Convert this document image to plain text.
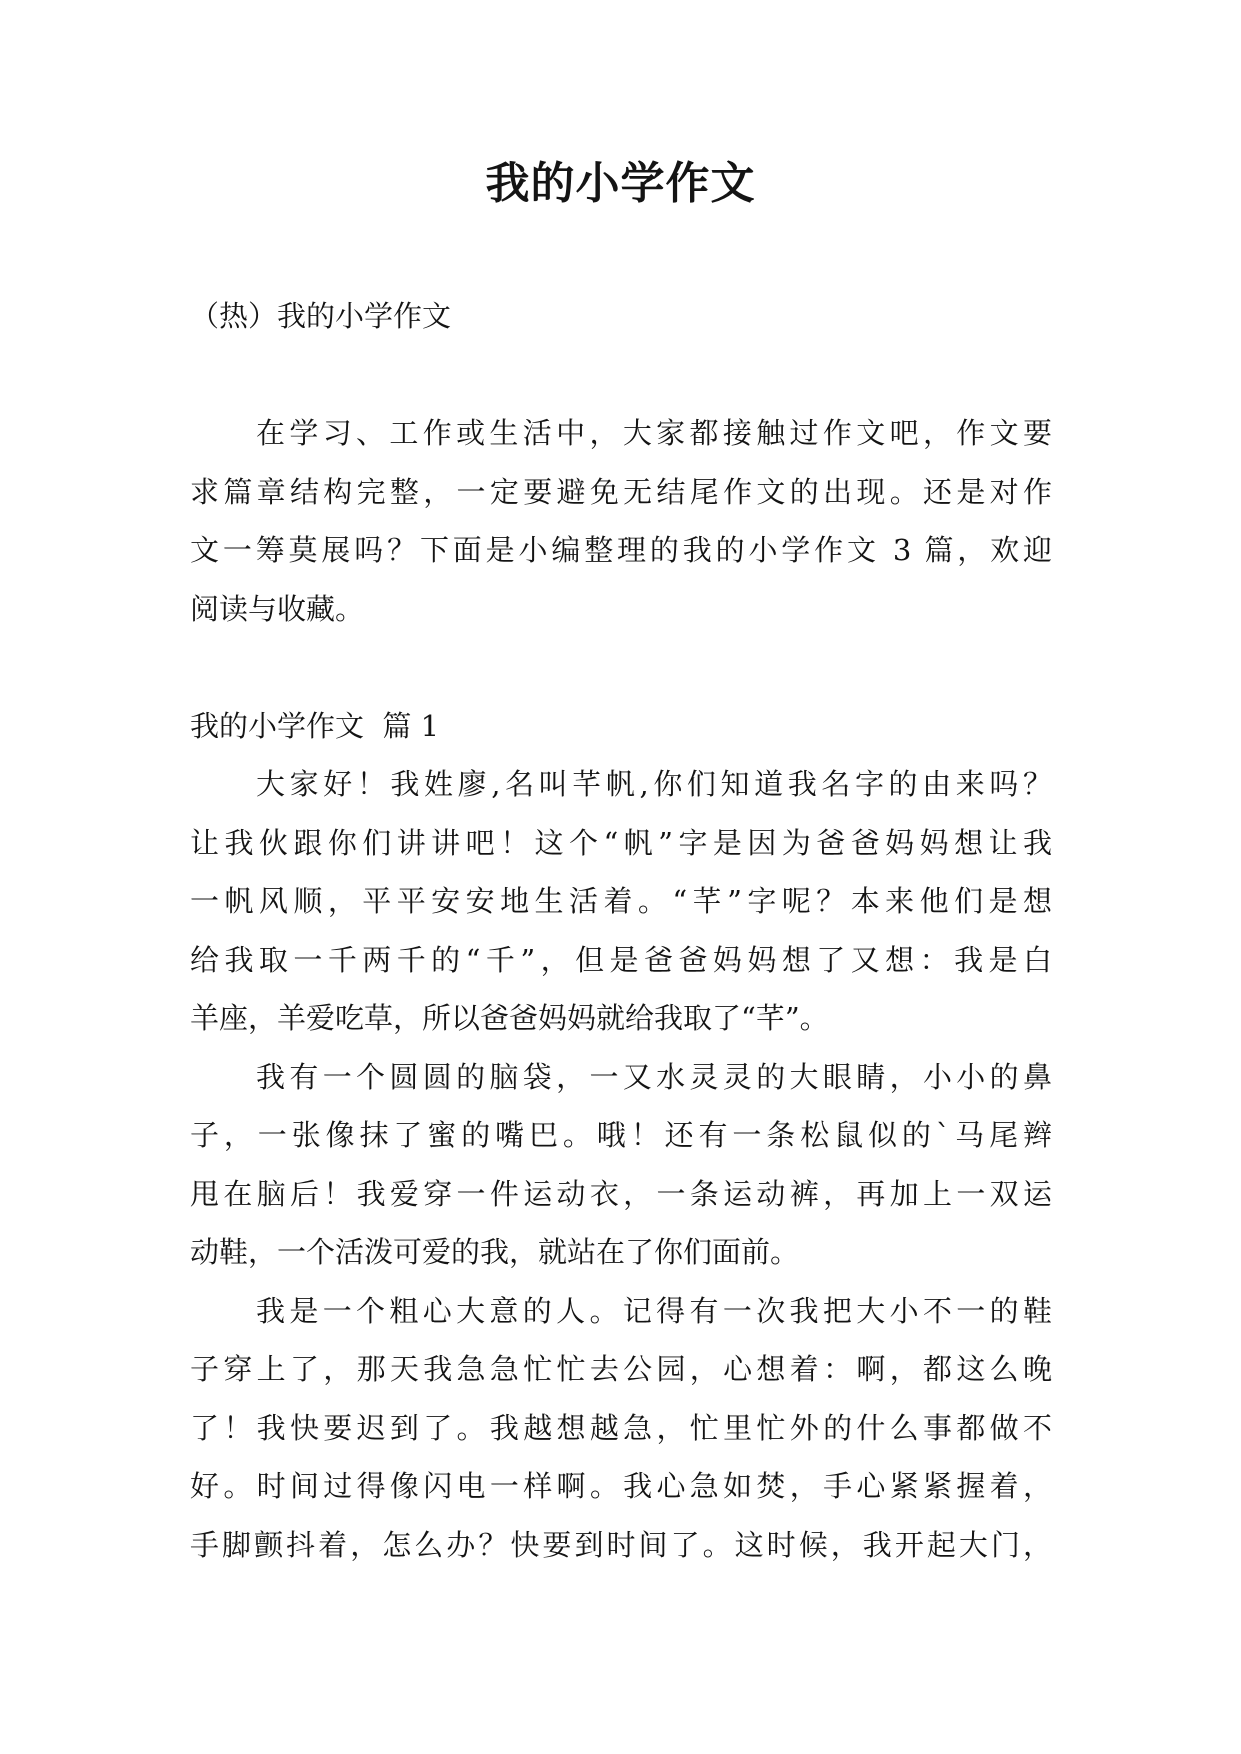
我的小学作文
（热）我的小学作文
在学习、工作或生活中，大家都接触过作文吧，作文要
求篇章结构完整，一定要避免无结尾作文的出现。还是对作
文一筹莫展吗？下面是小编整理的我的小学作文 3 篇，欢迎
阅读与收藏。
我的小学作文  篇 1
大家好！我姓廖,名叫芊帆,你们知道我名字的由来吗？
让我伙跟你们讲讲吧！这个“帆”字是因为爸爸妈妈想让我
一帆风顺，平平安安地生活着。“芊”字呢？本来他们是想
给我取一千两千的“千”，但是爸爸妈妈想了又想：我是白
羊座，羊爱吃草，所以爸爸妈妈就给我取了“芊”。
我有一个圆圆的脑袋，一又水灵灵的大眼睛，小小的鼻
子，一张像抹了蜜的嘴巴。哦！还有一条松鼠似的`马尾辫
甩在脑后！我爱穿一件运动衣，一条运动裤，再加上一双运
动鞋，一个活泼可爱的我，就站在了你们面前。
我是一个粗心大意的人。记得有一次我把大小不一的鞋
子穿上了，那天我急急忙忙去公园，心想着：啊，都这么晚
了！我快要迟到了。我越想越急，忙里忙外的什么事都做不
好。时间过得像闪电一样啊。我心急如焚，手心紧紧握着，
手脚颤抖着，怎么办？快要到时间了。这时候，我开起大门，
